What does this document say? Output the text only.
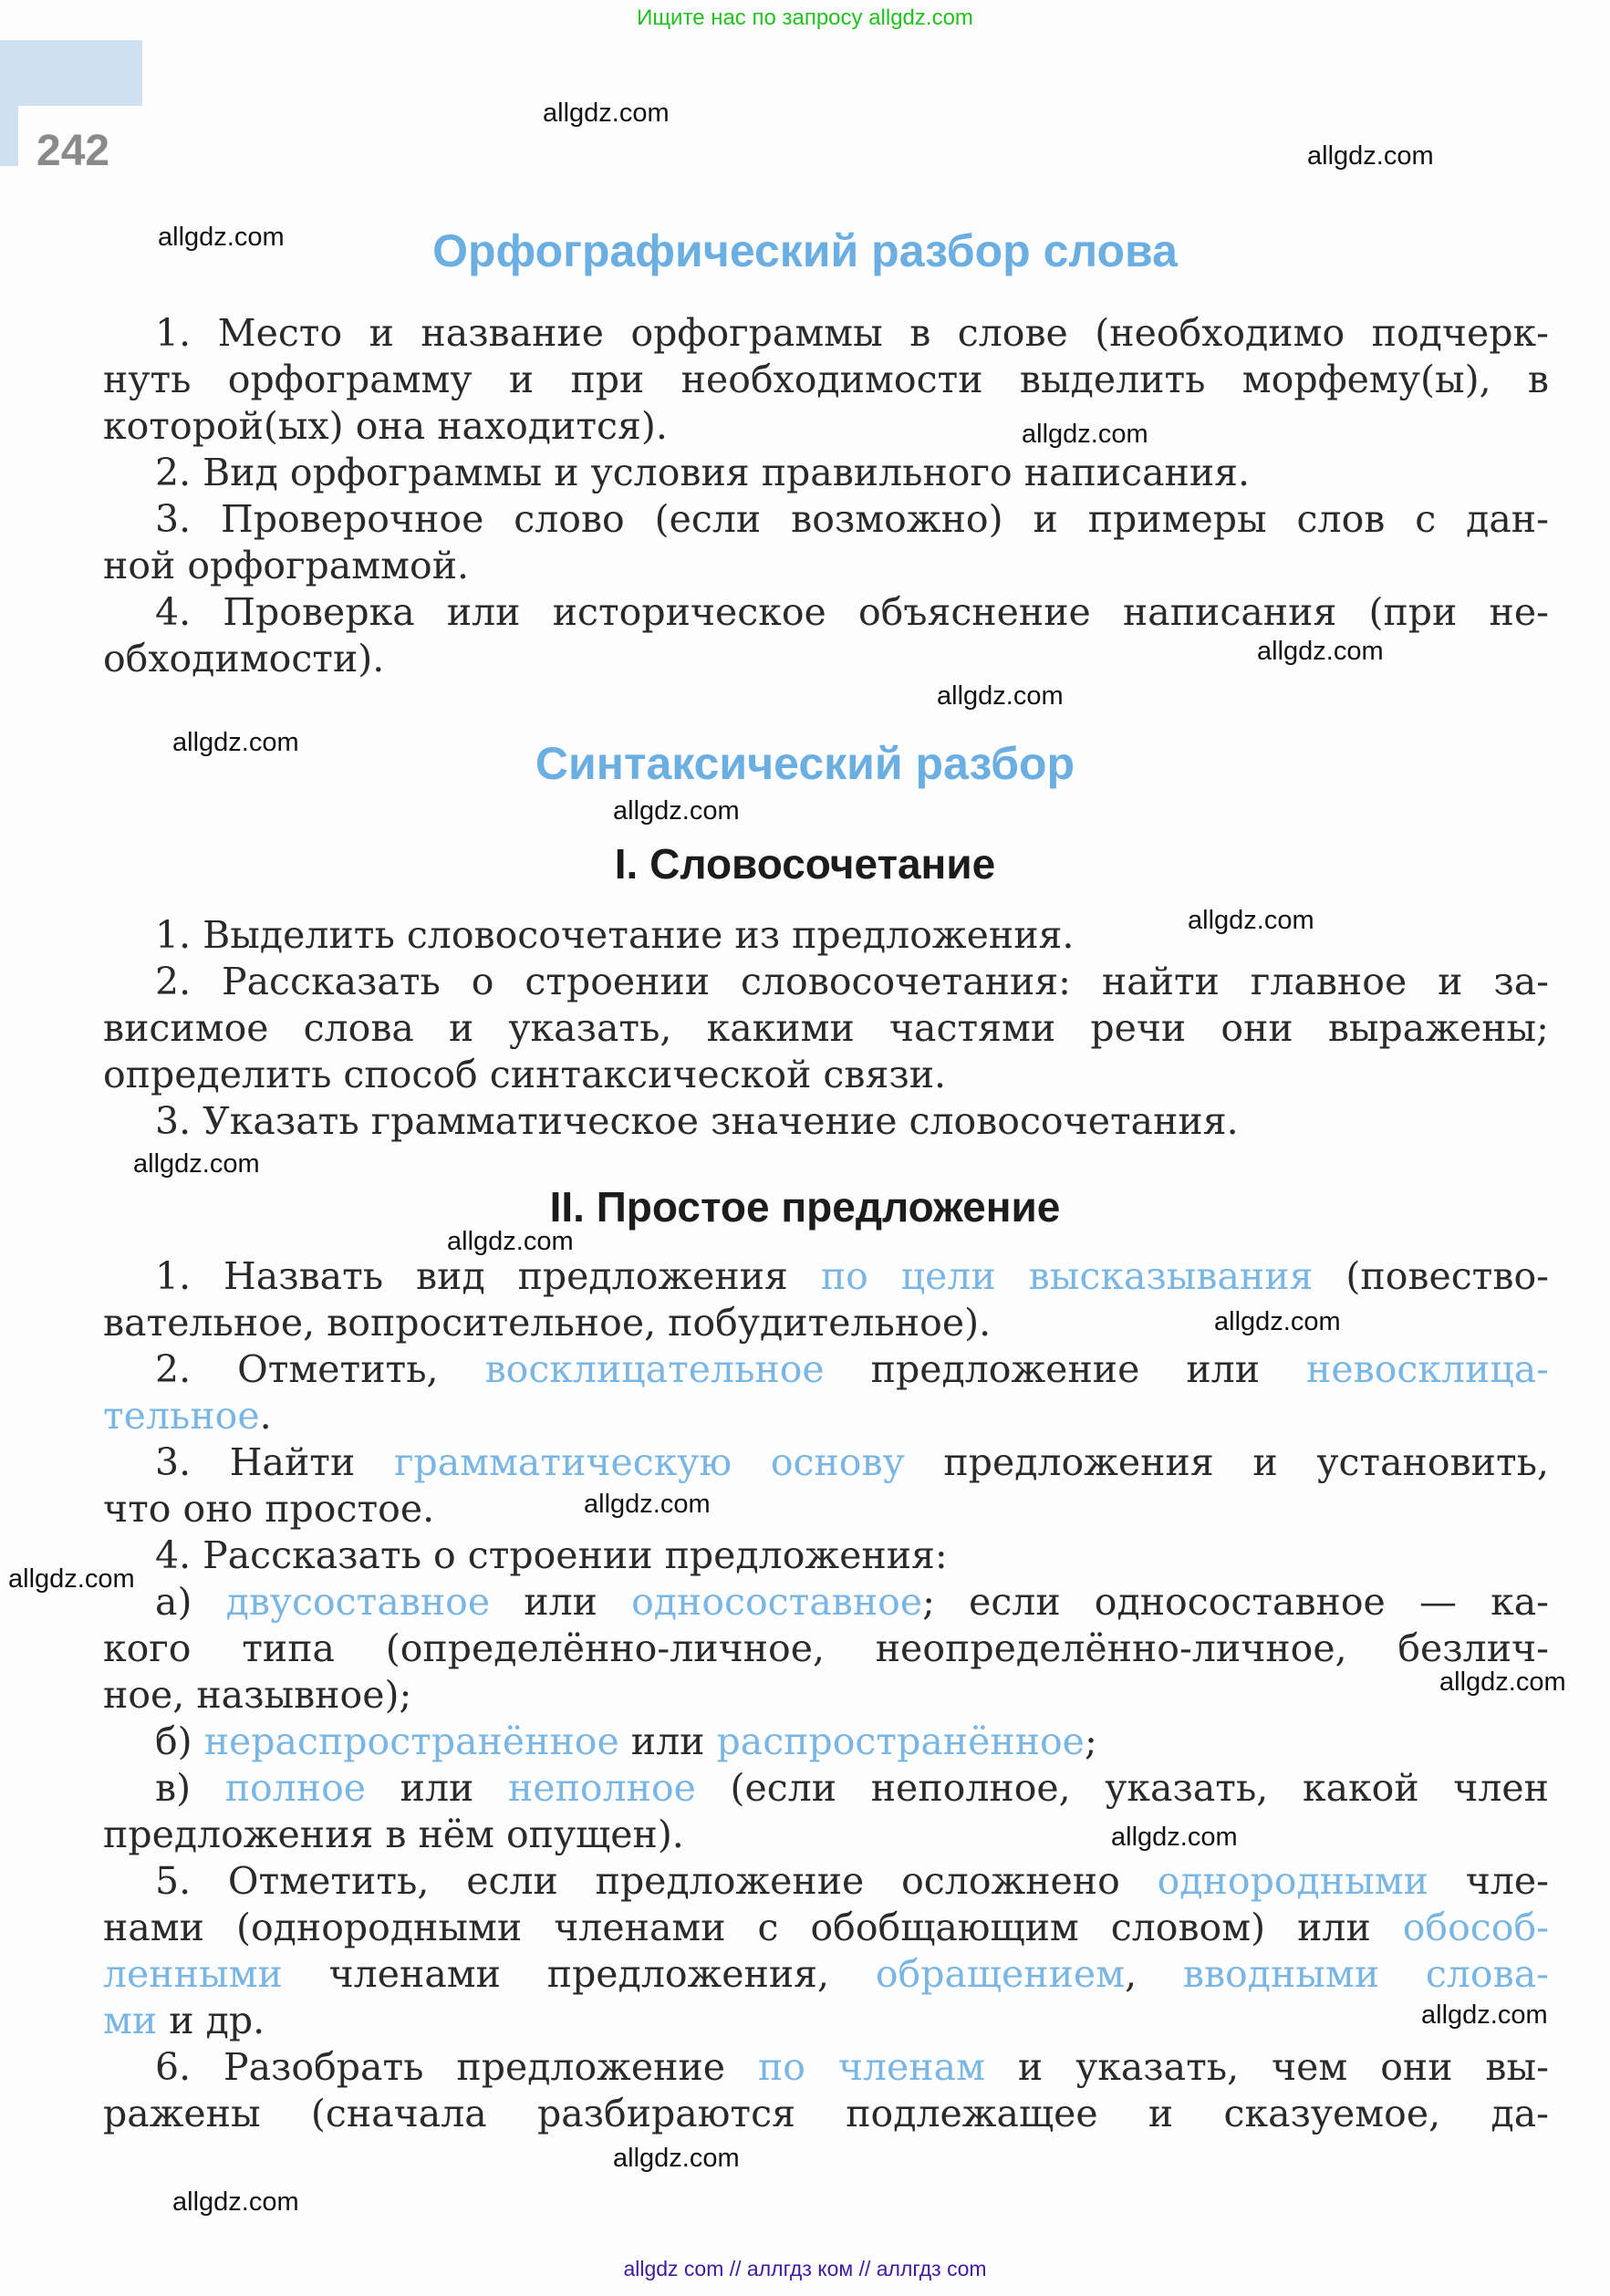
Ищите нас по запросу allgdz.com
242
allgdz.com
allgdz.com
allgdz.com
allgdz.com
allgdz.com
allgdz.com
allgdz.com
allgdz.com
allgdz.com
allgdz.com
allgdz.com
allgdz.com
allgdz.com
allgdz.com
allgdz.com
allgdz.com
allgdz.com
allgdz.com
allgdz.com
Орфографический разбор слова
1. Место и название орфограммы в слове (необходимо подчерк-
нуть орфограмму и при необходимости выделить морфему(ы), в
которой(ых) она находится).
2. Вид орфограммы и условия правильного написания.
3. Проверочное слово (если возможно) и примеры слов с дан-
ной орфограммой.
4. Проверка или историческое объяснение написания (при не-
обходимости).
Синтаксический разбор
I. Словосочетание
1. Выделить словосочетание из предложения.
2. Рассказать о строении словосочетания: найти главное и за-
висимое слова и указать, какими частями речи они выражены;
определить способ синтаксической связи.
3. Указать грамматическое значение словосочетания.
II. Простое предложение
1. Назвать вид предложения по цели высказывания (повество-
вательное, вопросительное, побудительное).
2. Отметить, восклицательное предложение или невосклица-
тельное.
3. Найти грамматическую основу предложения и установить,
что оно простое.
4. Рассказать о строении предложения:
а) двусоставное или односоставное; если односоставное — ка-
кого типа (определённо-личное, неопределённо-личное, безлич-
ное, назывное);
б) нераспространённое или распространённое;
в) полное или неполное (если неполное, указать, какой член
предложения в нём опущен).
5. Отметить, если предложение осложнено однородными чле-
нами (однородными членами с обобщающим словом) или обособ-
ленными членами предложения, обращением, вводными слова-
ми и др.
6. Разобрать предложение по членам и указать, чем они вы-
ражены (сначала разбираются подлежащее и сказуемое, да-
allgdz com // аллгдз ком // аллгдз com
